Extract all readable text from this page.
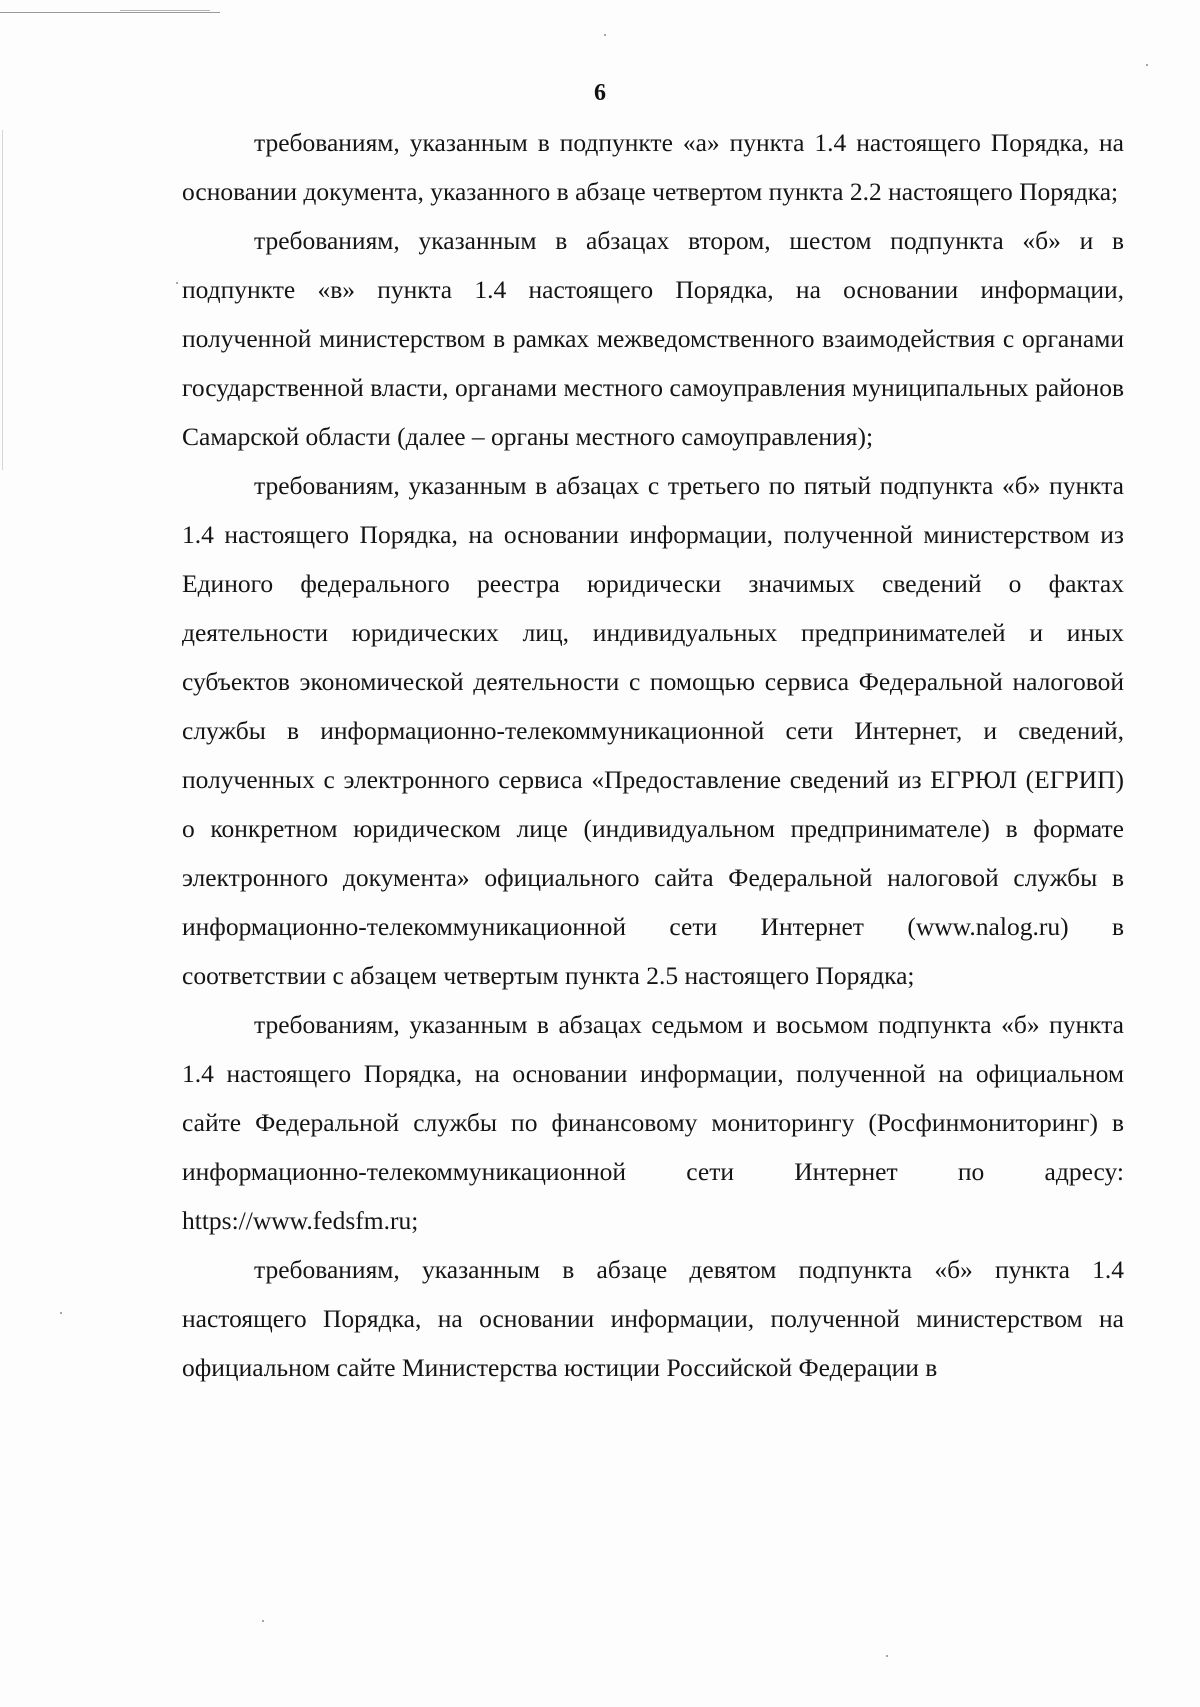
6

требованиям, указанным в подпункте «а» пункта 1.4 настоящего Порядка, на основании документа, указанного в абзаце четвертом пункта 2.2 настоящего Порядка;

требованиям, указанным в абзацах втором, шестом подпункта «б» и в подпункте «в» пункта 1.4 настоящего Порядка, на основании информации, полученной министерством в рамках межведомственного взаимодействия с органами государственной власти, органами местного самоуправления муниципальных районов Самарской области (далее – органы местного самоуправления);

требованиям, указанным в абзацах с третьего по пятый подпункта «б» пункта 1.4 настоящего Порядка, на основании информации, полученной министерством из Единого федерального реестра юридически значимых сведений о фактах деятельности юридических лиц, индивидуальных предпринимателей и иных субъектов экономической деятельности с помощью сервиса Федеральной налоговой службы в информационно-телекоммуникационной сети Интернет, и сведений, полученных с электронного сервиса «Предоставление сведений из ЕГРЮЛ (ЕГРИП) о конкретном юридическом лице (индивидуальном предпринимателе) в формате электронного документа» официального сайта Федеральной налоговой службы в информационно-телекоммуникационной сети Интернет (www.nalog.ru) в соответствии с абзацем четвертым пункта 2.5 настоящего Порядка;

требованиям, указанным в абзацах седьмом и восьмом подпункта «б» пункта 1.4 настоящего Порядка, на основании информации, полученной на официальном сайте Федеральной службы по финансовому мониторингу (Росфинмониторинг) в информационно-телекоммуникационной сети Интернет по адресу: https://www.fedsfm.ru;

требованиям, указанным в абзаце девятом подпункта «б» пункта 1.4 настоящего Порядка, на основании информации, полученной министерством на официальном сайте Министерства юстиции Российской Федерации в
